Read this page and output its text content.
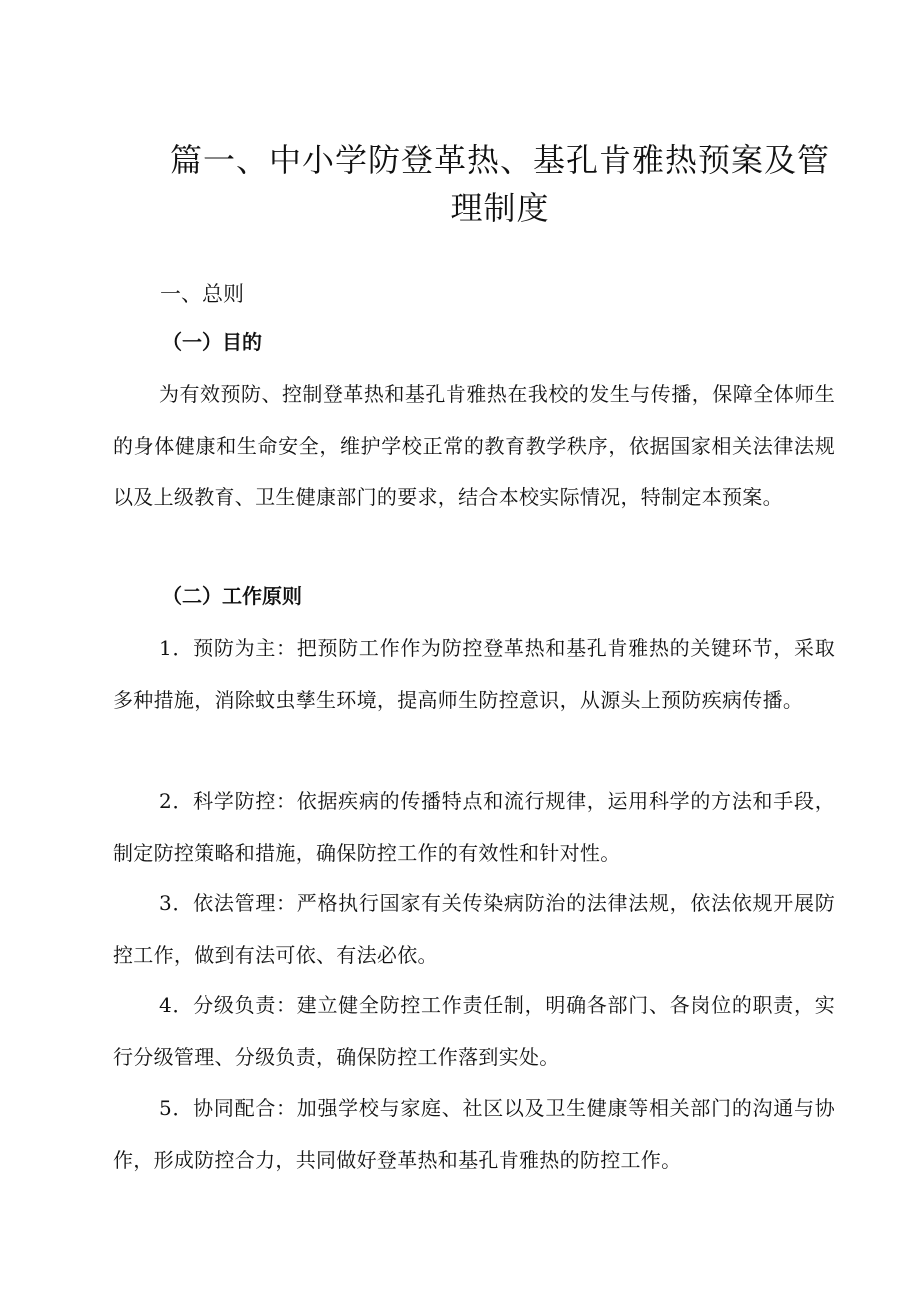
篇一、中小学防登革热、基孔肯雅热预案及管
理制度
一、总则
（一）目的

为有效预防、控制登革热和基孔肯雅热在我校的发生与传播，保障全体师生的身体健康和生命安全，维护学校正常的教育教学秩序，依据国家相关法律法规以及上级教育、卫生健康部门的要求，结合本校实际情况，特制定本预案。

（二）工作原则

1．预防为主：把预防工作作为防控登革热和基孔肯雅热的关键环节，采取多种措施，消除蚊虫孳生环境，提高师生防控意识，从源头上预防疾病传播。

2．科学防控：依据疾病的传播特点和流行规律，运用科学的方法和手段，制定防控策略和措施，确保防控工作的有效性和针对性。

3．依法管理：严格执行国家有关传染病防治的法律法规，依法依规开展防控工作，做到有法可依、有法必依。

4．分级负责：建立健全防控工作责任制，明确各部门、各岗位的职责，实行分级管理、分级负责，确保防控工作落到实处。

5．协同配合：加强学校与家庭、社区以及卫生健康等相关部门的沟通与协作，形成防控合力，共同做好登革热和基孔肯雅热的防控工作。
